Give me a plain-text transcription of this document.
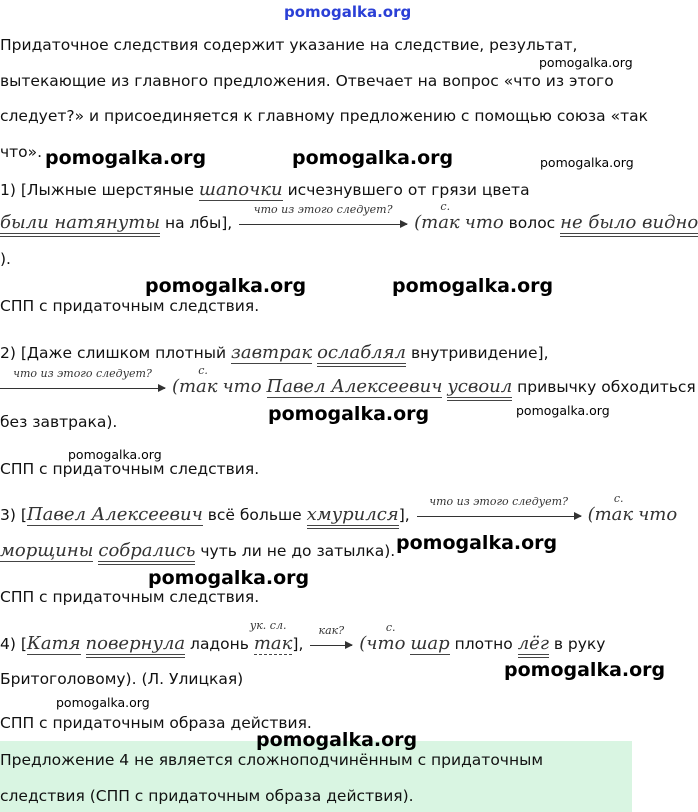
pomogalka.org
Придаточное следствия содержит указание на следствие, результат,
вытекающие из главного предложения. Отвечает на вопрос «что из этого
следует?» и присоединяется к главному предложению с помощью союза «так
что».
1) [Лыжные шерстяные шапочки исчезнувшего от грязи цвета
были натянуты на лбы],
что из этого следует?
(так
с.
что волос не было видно
).
СПП с придаточным следствия.
2) [Даже слишком плотный завтрак ослаблял внутривидение],
что из этого следует?
(так
с.
что Павел Алексеевич усвоил привычку обходиться
без завтрака).
СПП с придаточным следствия.
3) [Павел Алексеевич всё больше хмурился],
что из этого следует?
(так
с.
что
морщины собрались чуть ли не до затылка).
СПП с придаточным следствия.
4) [Катя повернула ладонь так
ук. сл.
],
как?
(что
с.
шар плотно лёг в руку
Бритоголовому). (Л. Улицкая)
СПП с придаточным образа действия.
Предложение 4 не является сложноподчинённым с придаточным
следствия (СПП с придаточным образа действия).
pomogalka.org
pomogalka.org	pomogalka.org	pomogalka.org
pomogalka.org	pomogalka.org
pomogalka.org	pomogalka.org
pomogalka.org
pomogalka.org
pomogalka.org
pomogalka.org
pomogalka.org
pomogalka.org
